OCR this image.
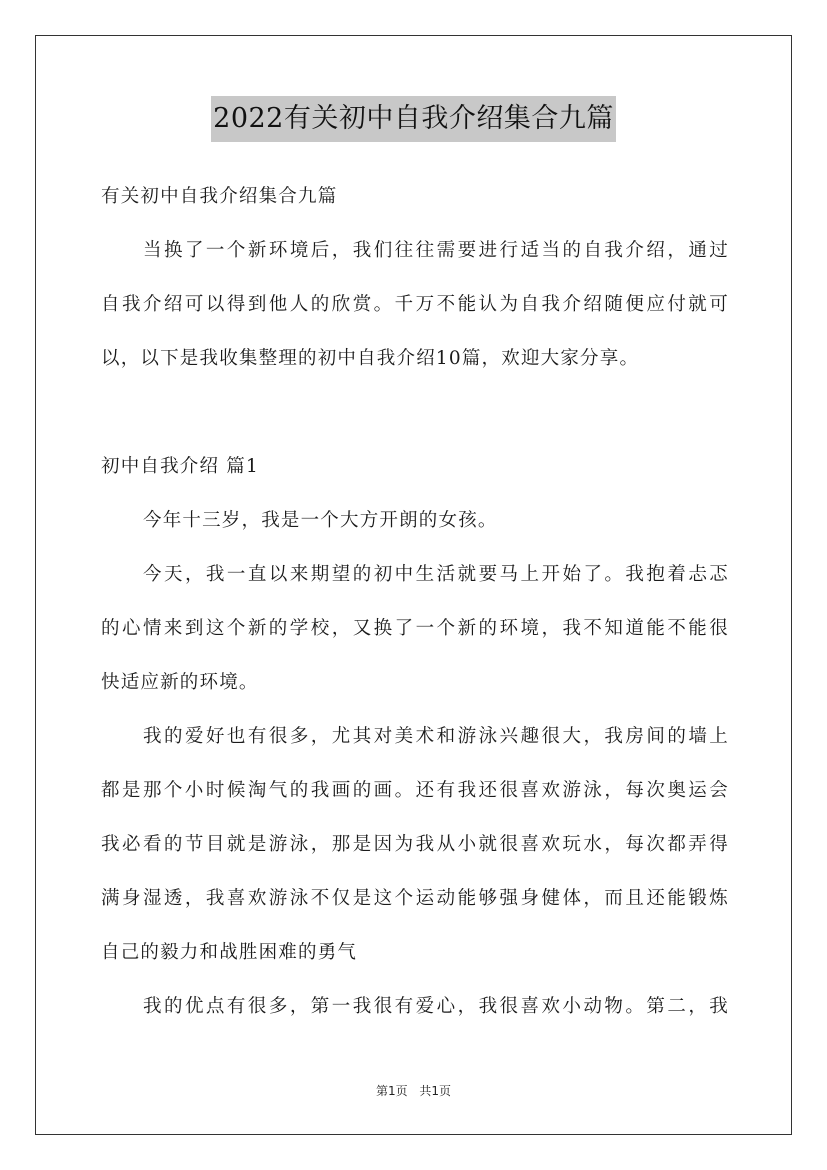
2022有关初中自我介绍集合九篇
有关初中自我介绍集合九篇
当换了一个新环境后，我们往往需要进行适当的自我介绍，通过
自我介绍可以得到他人的欣赏。千万不能认为自我介绍随便应付就可
以，以下是我收集整理的初中自我介绍10篇，欢迎大家分享。
初中自我介绍 篇1
今年十三岁，我是一个大方开朗的女孩。
今天，我一直以来期望的初中生活就要马上开始了。我抱着忐忑
的心情来到这个新的学校，又换了一个新的环境，我不知道能不能很
快适应新的环境。
我的爱好也有很多，尤其对美术和游泳兴趣很大，我房间的墙上
都是那个小时候淘气的我画的画。还有我还很喜欢游泳，每次奥运会
我必看的节目就是游泳，那是因为我从小就很喜欢玩水，每次都弄得
满身湿透，我喜欢游泳不仅是这个运动能够强身健体，而且还能锻炼
自己的毅力和战胜困难的勇气
我的优点有很多，第一我很有爱心，我很喜欢小动物。第二，我
第1页 共1页
